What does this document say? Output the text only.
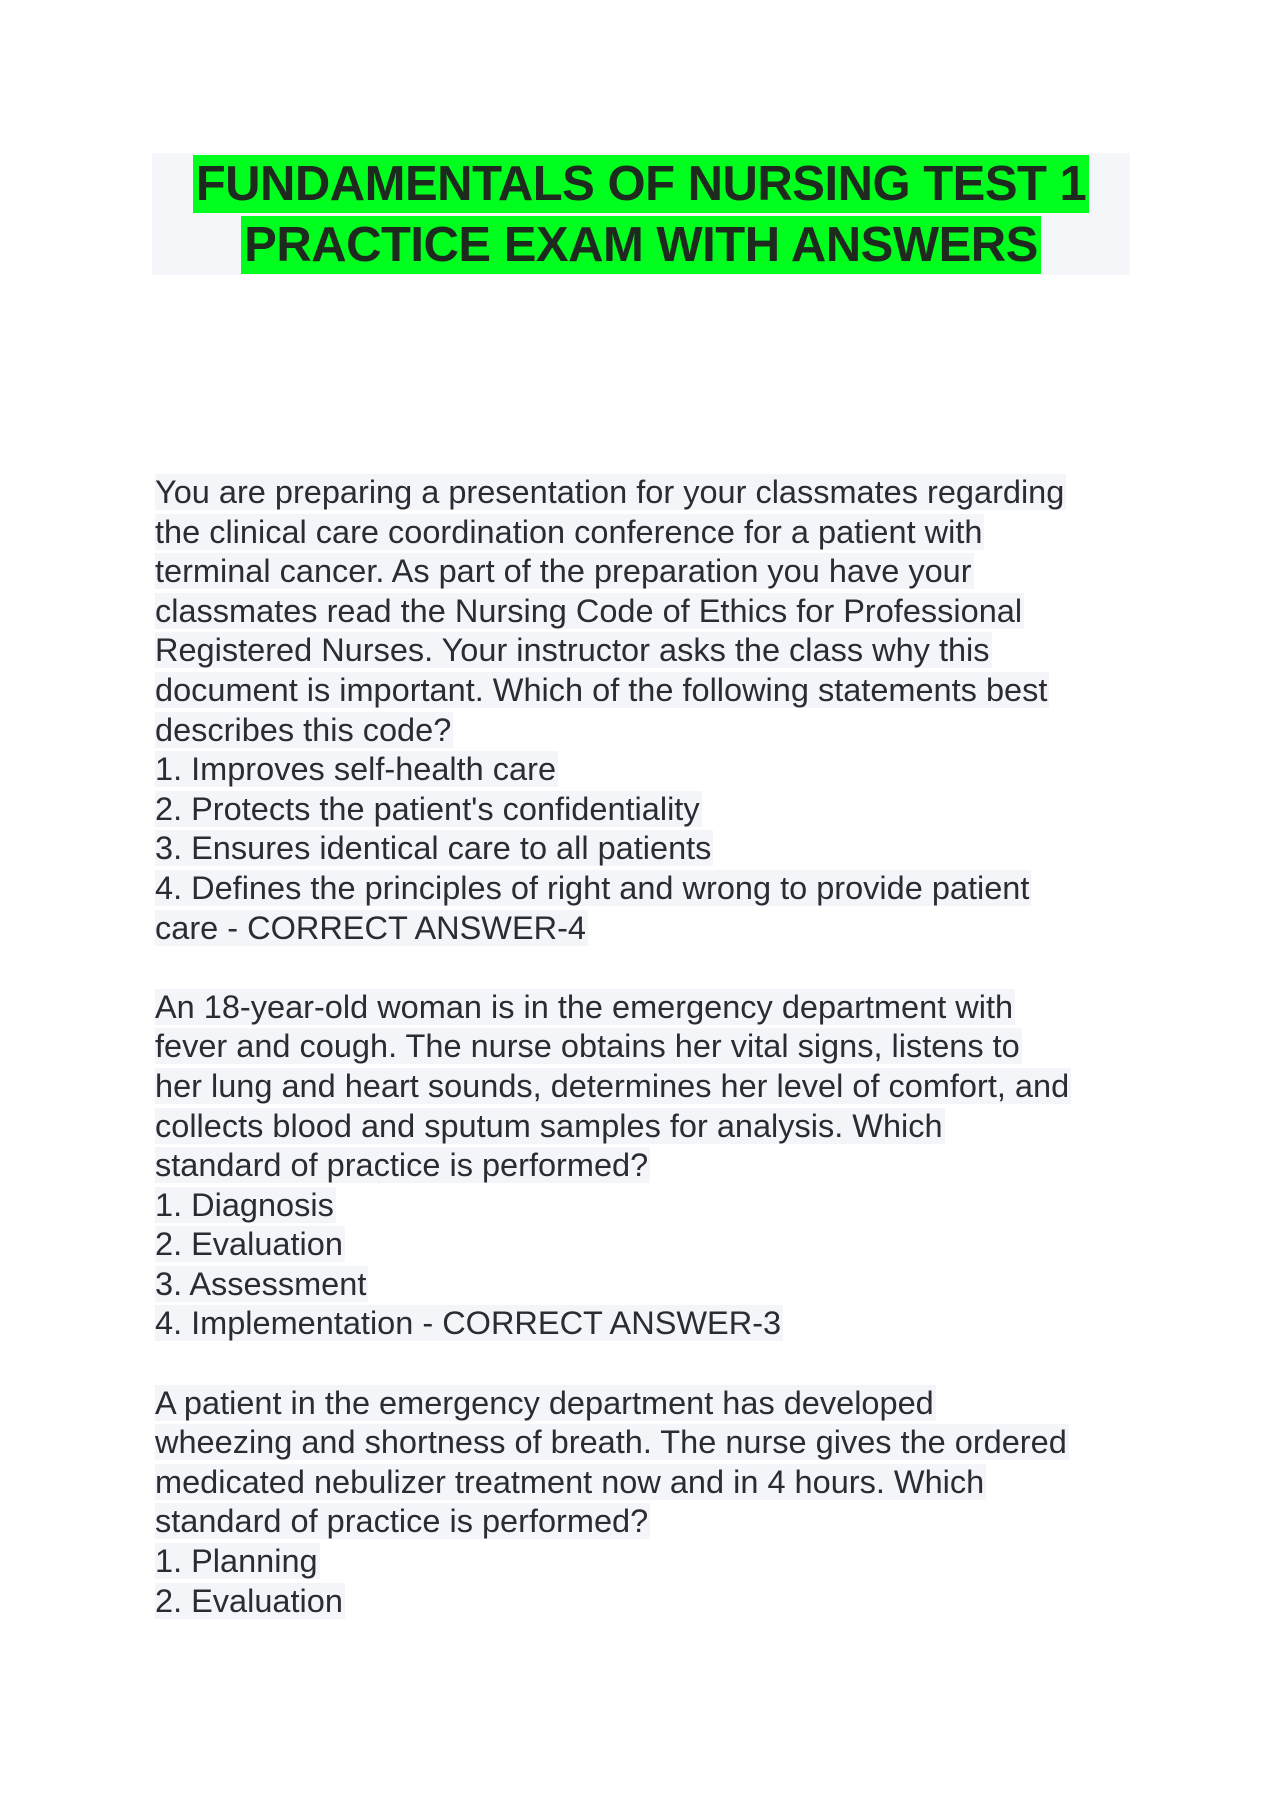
FUNDAMENTALS OF NURSING TEST 1
PRACTICE EXAM WITH ANSWERS
You are preparing a presentation for your classmates regarding
the clinical care coordination conference for a patient with
terminal cancer. As part of the preparation you have your
classmates read the Nursing Code of Ethics for Professional
Registered Nurses. Your instructor asks the class why this
document is important. Which of the following statements best
describes this code?
1. Improves self-health care
2. Protects the patient's confidentiality
3. Ensures identical care to all patients
4. Defines the principles of right and wrong to provide patient
care - CORRECT ANSWER-4
An 18-year-old woman is in the emergency department with
fever and cough. The nurse obtains her vital signs, listens to
her lung and heart sounds, determines her level of comfort, and
collects blood and sputum samples for analysis. Which
standard of practice is performed?
1. Diagnosis
2. Evaluation
3. Assessment
4. Implementation - CORRECT ANSWER-3
A patient in the emergency department has developed
wheezing and shortness of breath. The nurse gives the ordered
medicated nebulizer treatment now and in 4 hours. Which
standard of practice is performed?
1. Planning
2. Evaluation
